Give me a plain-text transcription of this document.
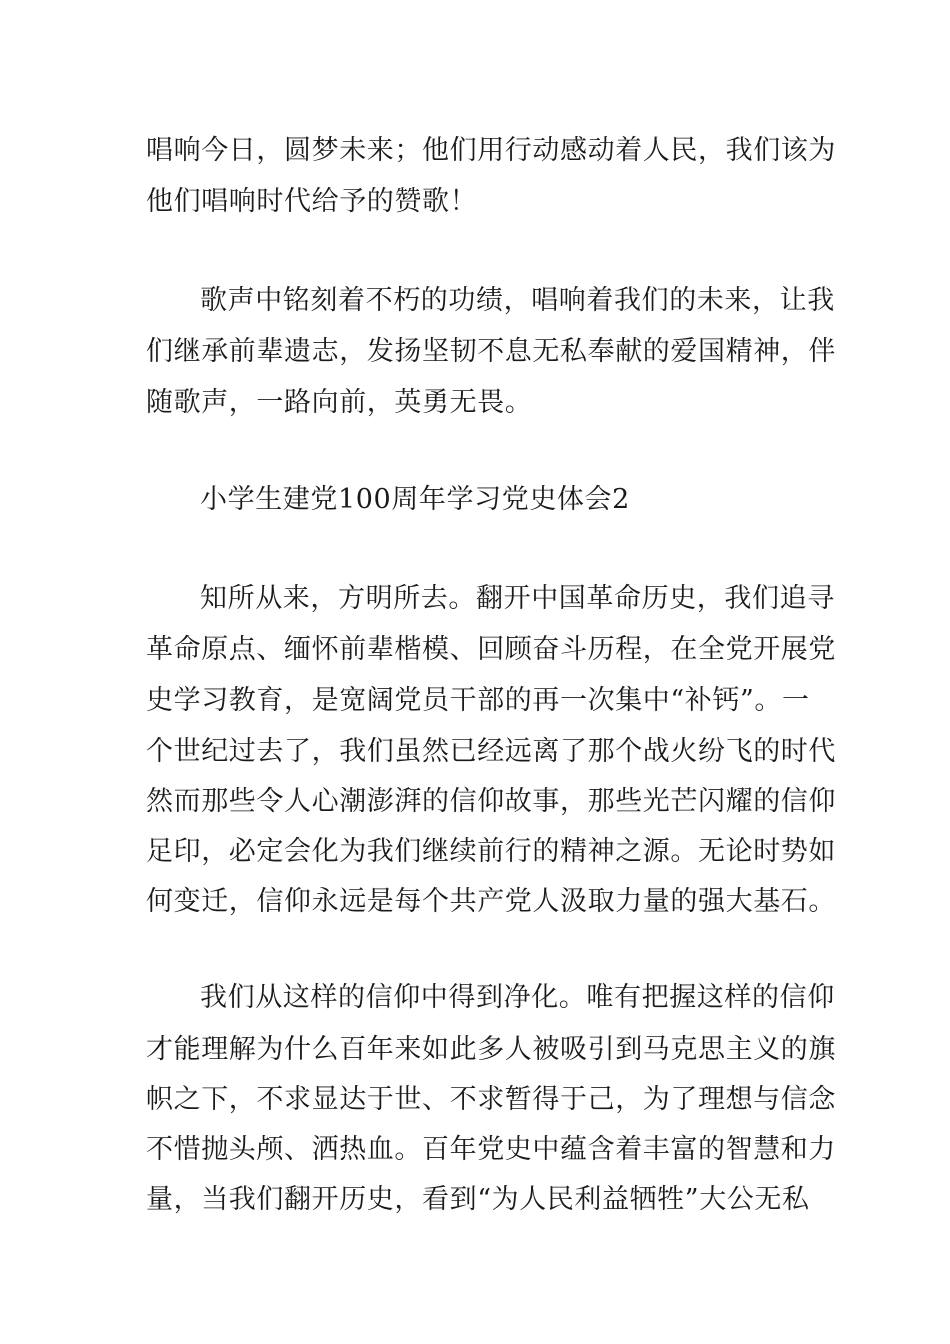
唱响今日，圆梦未来；他们用行动感动着人民，我们该为
他们唱响时代给予的赞歌！
歌声中铭刻着不朽的功绩，唱响着我们的未来，让我
们继承前辈遗志，发扬坚韧不息无私奉献的爱国精神，伴
随歌声，一路向前，英勇无畏。
小学生建党100周年学习党史体会2
知所从来，方明所去。翻开中国革命历史，我们追寻
革命原点、缅怀前辈楷模、回顾奋斗历程，在全党开展党
史学习教育，是宽阔党员干部的再一次集中“补钙”。一
个世纪过去了，我们虽然已经远离了那个战火纷飞的时代
然而那些令人心潮澎湃的信仰故事，那些光芒闪耀的信仰
足印，必定会化为我们继续前行的精神之源。无论时势如
何变迁，信仰永远是每个共产党人汲取力量的强大基石。
我们从这样的信仰中得到净化。唯有把握这样的信仰
才能理解为什么百年来如此多人被吸引到马克思主义的旗
帜之下，不求显达于世、不求暂得于己，为了理想与信念
不惜抛头颅、洒热血。百年党史中蕴含着丰富的智慧和力
量，当我们翻开历史，看到“为人民利益牺牲”大公无私
